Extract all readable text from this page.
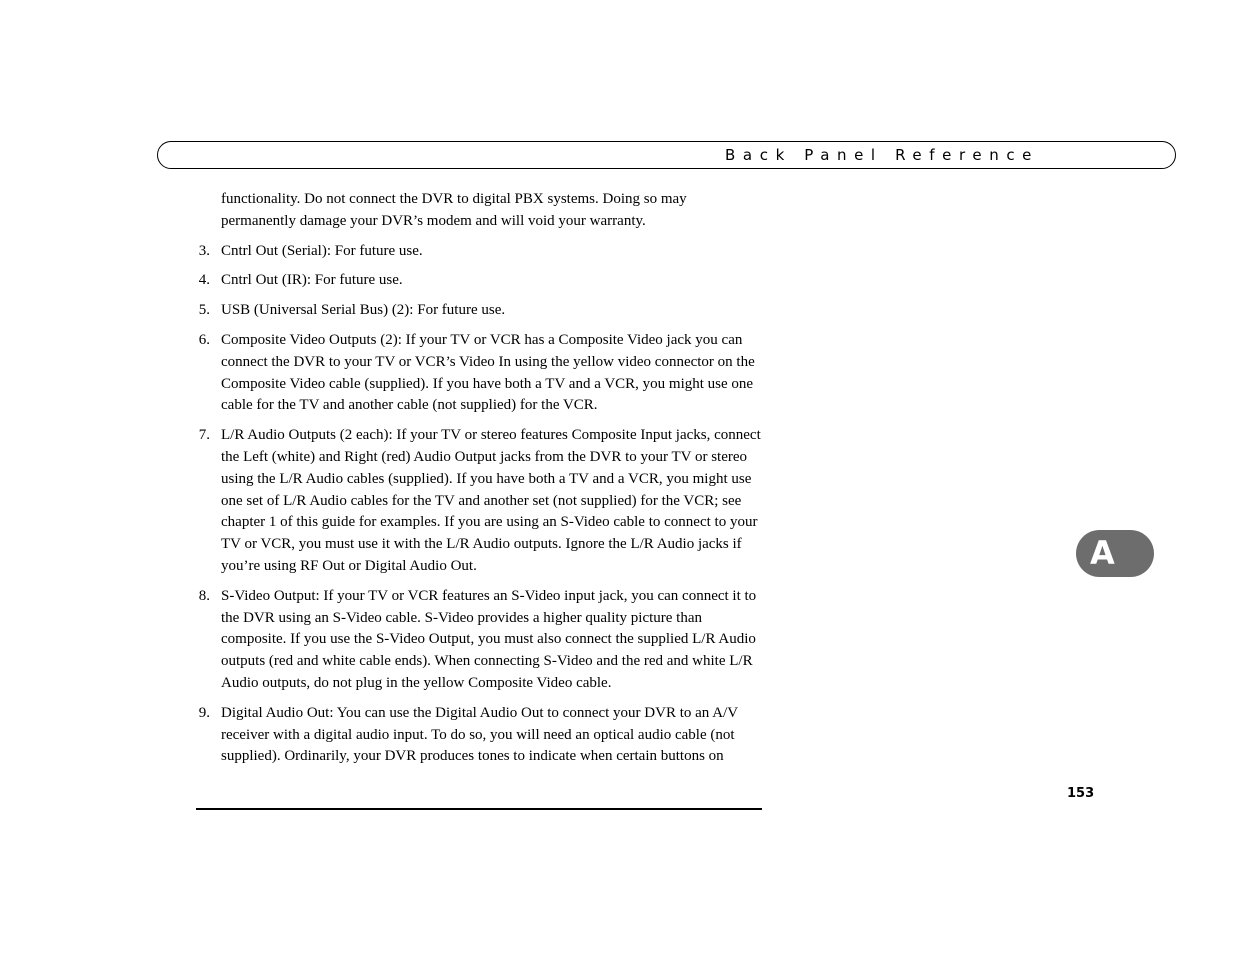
Back Panel Reference
functionality. Do not connect the DVR to digital PBX systems. Doing so may permanently damage your DVR’s modem and will void your warranty.
3. Cntrl Out (Serial): For future use.
4. Cntrl Out (IR): For future use.
5. USB (Universal Serial Bus) (2): For future use.
6. Composite Video Outputs (2): If your TV or VCR has a Composite Video jack you can connect the DVR to your TV or VCR’s Video In using the yellow video connector on the Composite Video cable (supplied). If you have both a TV and a VCR, you might use one cable for the TV and another cable (not supplied) for the VCR.
7. L/R Audio Outputs (2 each): If your TV or stereo features Composite Input jacks, connect the Left (white) and Right (red) Audio Output jacks from the DVR to your TV or stereo using the L/R Audio cables (supplied). If you have both a TV and a VCR, you might use one set of L/R Audio cables for the TV and another set (not supplied) for the VCR; see chapter 1 of this guide for examples. If you are using an S-Video cable to connect to your TV or VCR, you must use it with the L/R Audio outputs. Ignore the L/R Audio jacks if you’re using RF Out or Digital Audio Out.
8. S-Video Output: If your TV or VCR features an S-Video input jack, you can connect it to the DVR using an S-Video cable. S-Video provides a higher quality picture than composite. If you use the S-Video Output, you must also connect the supplied L/R Audio outputs (red and white cable ends). When connecting S-Video and the red and white L/R Audio outputs, do not plug in the yellow Composite Video cable.
9. Digital Audio Out: You can use the Digital Audio Out to connect your DVR to an A/V receiver with a digital audio input. To do so, you will need an optical audio cable (not supplied). Ordinarily, your DVR produces tones to indicate when certain buttons on
153
A
